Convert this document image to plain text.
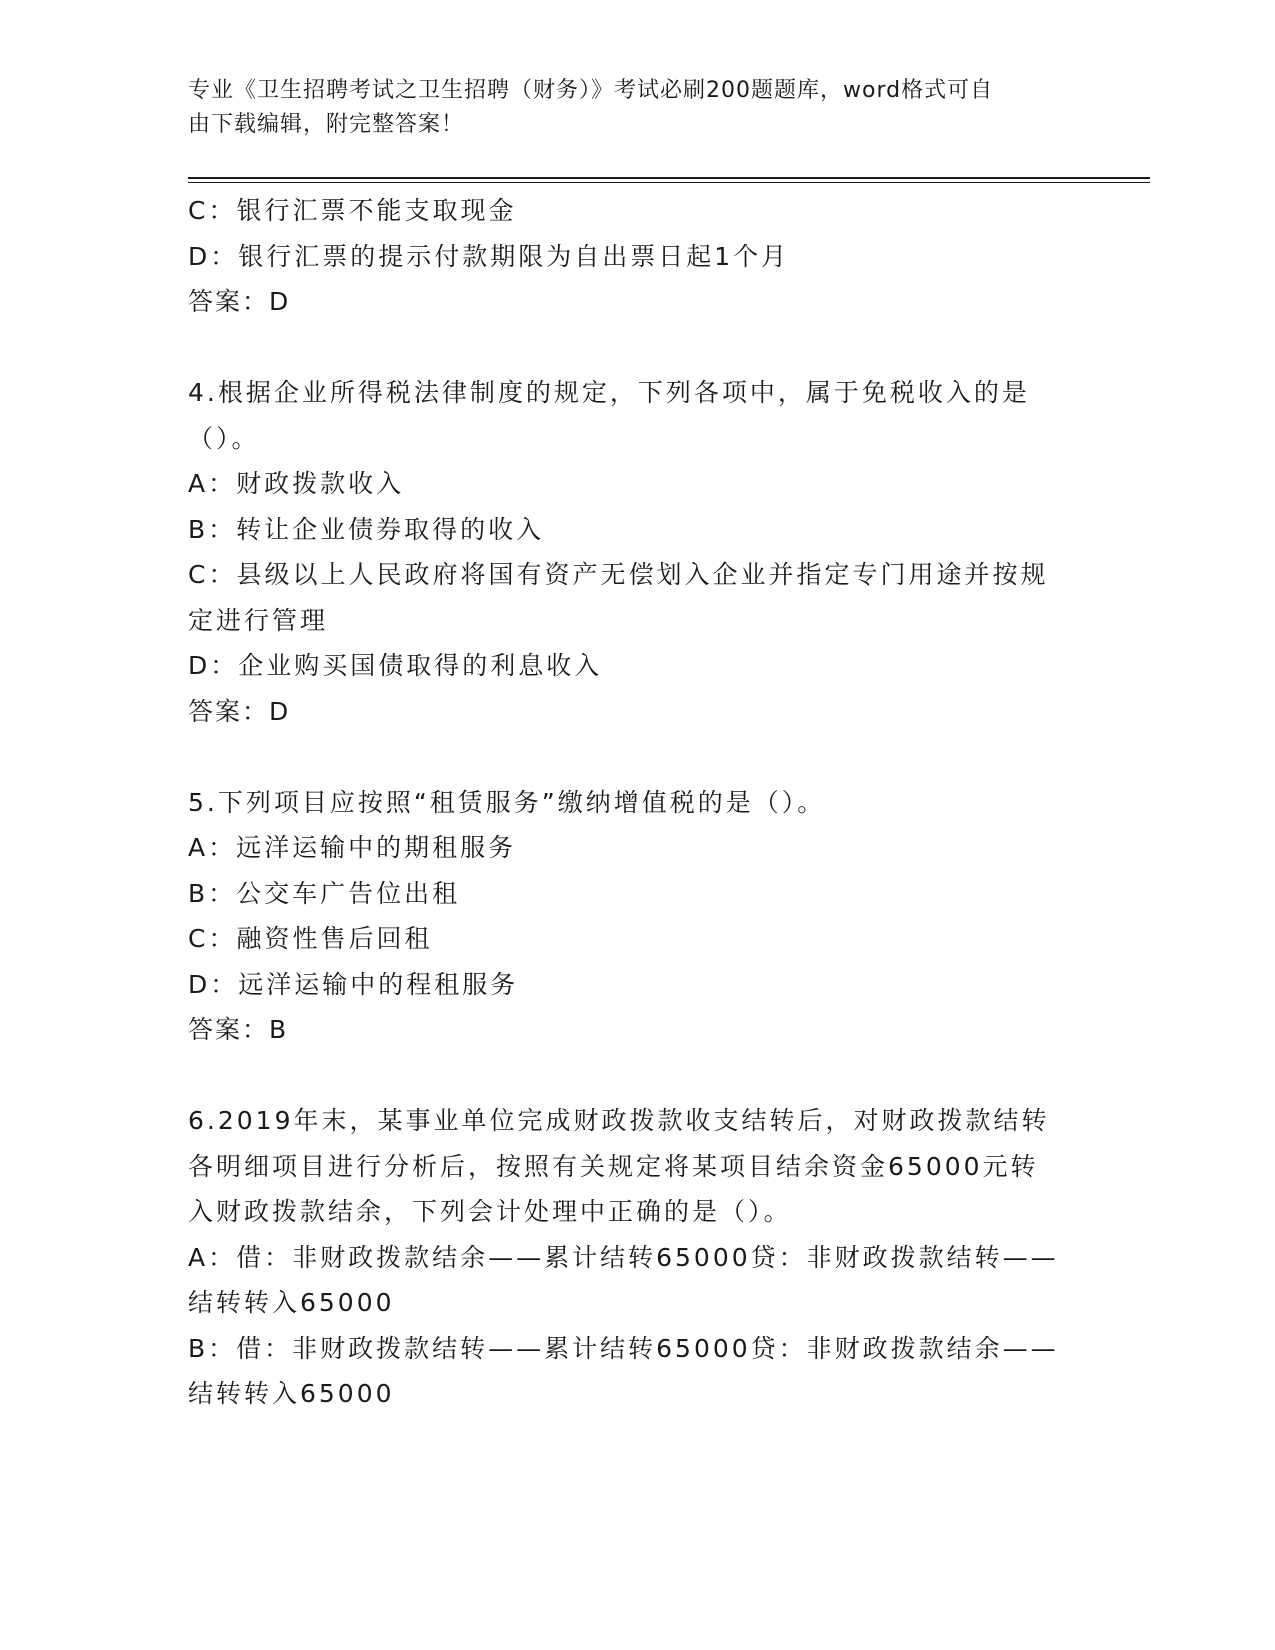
专业《卫生招聘考试之卫生招聘（财务）》考试必刷200题题库，word格式可自
由下载编辑，附完整答案！
C：银行汇票不能支取现金
D：银行汇票的提示付款期限为自出票日起1个月
答案：D
4.根据企业所得税法律制度的规定，下列各项中，属于免税收入的是
（）。
A：财政拨款收入
B：转让企业债券取得的收入
C：县级以上人民政府将国有资产无偿划入企业并指定专门用途并按规
定进行管理
D：企业购买国债取得的利息收入
答案：D
5.下列项目应按照“租赁服务”缴纳增值税的是（）。
A：远洋运输中的期租服务
B：公交车广告位出租
C：融资性售后回租
D：远洋运输中的程租服务
答案：B
6.2019年末，某事业单位完成财政拨款收支结转后，对财政拨款结转
各明细项目进行分析后，按照有关规定将某项目结余资金65000元转
入财政拨款结余，下列会计处理中正确的是（）。
A：借：非财政拨款结余——累计结转65000贷：非财政拨款结转——
结转转入65000
B：借：非财政拨款结转——累计结转65000贷：非财政拨款结余——
结转转入65000
